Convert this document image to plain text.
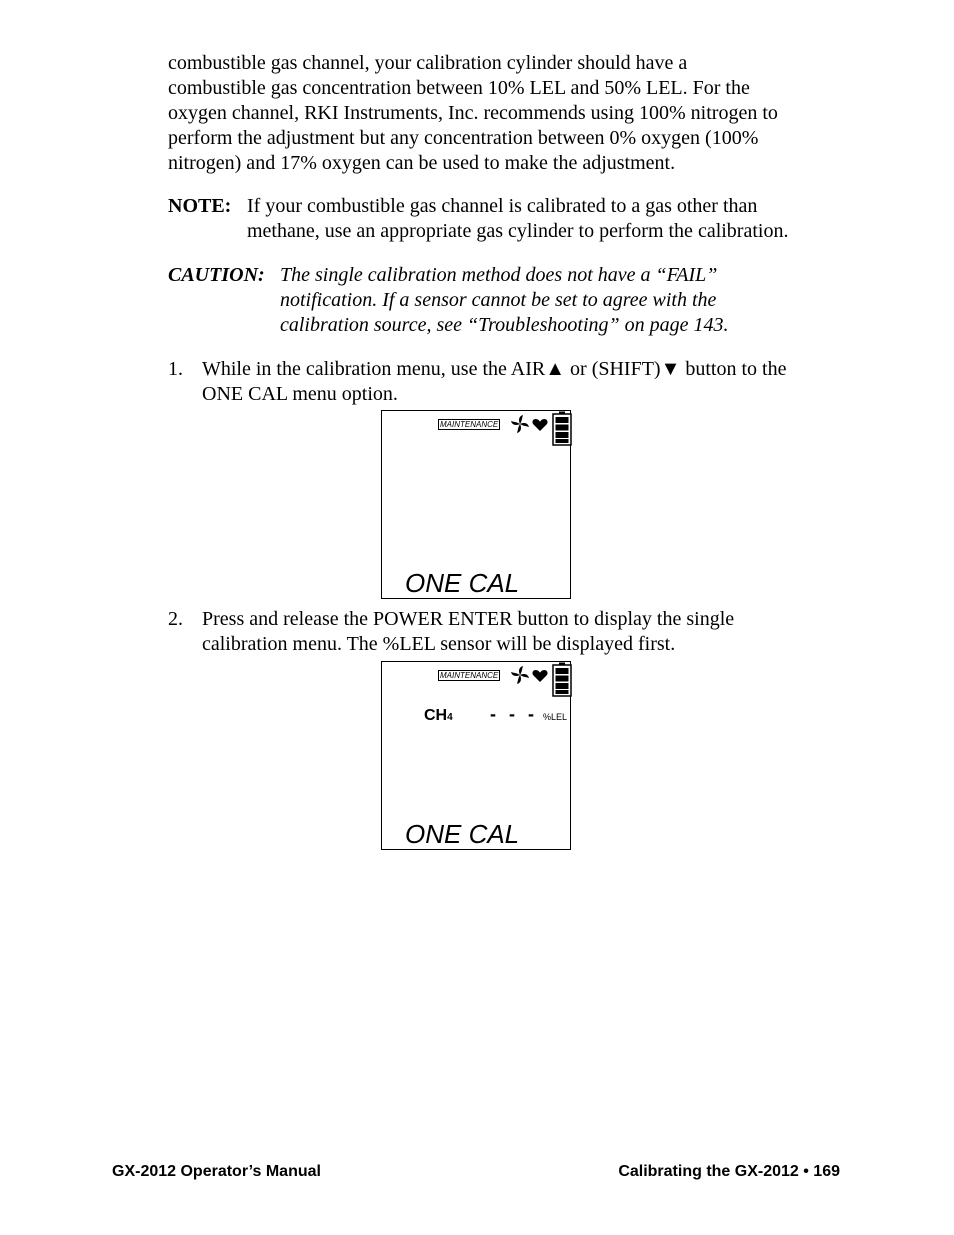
combustible gas channel, your calibration cylinder should have a
combustible gas concentration between 10% LEL and 50% LEL. For the
oxygen channel, RKI Instruments, Inc. recommends using 100% nitrogen to
perform the adjustment but any concentration between 0% oxygen (100%
nitrogen) and 17% oxygen can be used to make the adjustment.
NOTE: If your combustible gas channel is calibrated to a gas other than
methane, use an appropriate gas cylinder to perform the calibration.
CAUTION: The single calibration method does not have a “FAIL”
notification. If a sensor cannot be set to agree with the
calibration source, see “Troubleshooting” on page 143.
1. While in the calibration menu, use the AIR▲ or (SHIFT)▼ button to the
ONE CAL menu option.
MAINTENANCE
ONE CAL
2. Press and release the POWER ENTER button to display the single
calibration menu. The %LEL sensor will be displayed first.
MAINTENANCE
CH4 - - - %LEL
ONE CAL
GX-2012 Operator’s Manual	Calibrating the GX-2012 • 169
